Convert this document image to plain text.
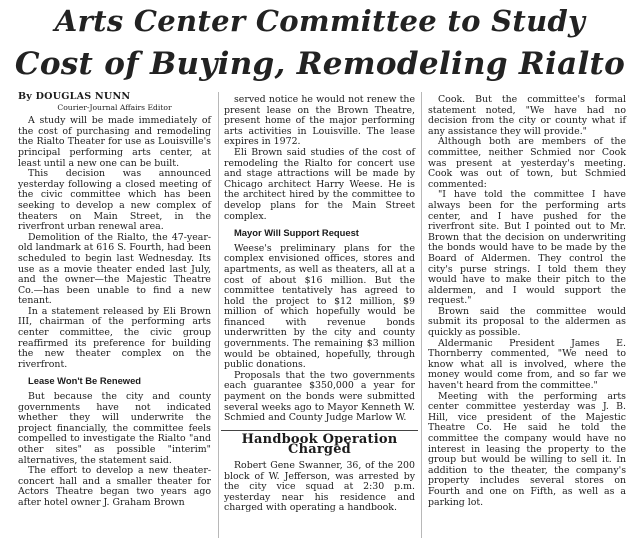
Arts Center Committee to Study
Cost of Buying, Remodeling Rialto

By DOUGLAS NUNN

Courier-Journal Affairs Editor

A study will be made immediately of the cost of purchasing and remodeling the Rialto Theater for use as Louisville's principal performing arts center, at least until a new one can be built.

This decision was announced yesterday following a closed meeting of the civic committee which has been seeking to develop a new complex of theaters on Main Street, in the riverfront urban renewal area.

Demolition of the Rialto, the 47-year-old landmark at 616 S. Fourth, had been scheduled to begin last Wednesday. Its use as a movie theater ended last July, and the owner—the Majestic Theatre Co.—has been unable to find a new tenant.

In a statement released by Eli Brown III, chairman of the performing arts center committee, the civic group reaffirmed its preference for building the new theater complex on the riverfront.

Lease Won't Be Renewed

But because the city and county governments have not indicated whether they will underwrite the project financially, the committee feels compelled to investigate the Rialto "and other sites" as possible "interim" alternatives, the statement said.

The effort to develop a new theater-concert hall and a smaller theater for Actors Theatre began two years ago after hotel owner J. Graham Brown

served notice he would not renew the present lease on the Brown Theatre, present home of the major performing arts activities in Louisville. The lease expires in 1972.

Eli Brown said studies of the cost of remodeling the Rialto for concert use and stage attractions will be made by Chicago architect Harry Weese. He is the architect hired by the committee to develop plans for the Main Street complex.

Mayor Will Support Request

Weese's preliminary plans for the complex envisioned offices, stores and apartments, as well as theaters, all at a cost of about $16 million. But the committee tentatively has agreed to hold the project to $12 million, $9 million of which hopefully would be financed with revenue bonds underwritten by the city and county governments. The remaining $3 million would be obtained, hopefully, through public donations.

Proposals that the two governments each guarantee $350,000 a year for payment on the bonds were submitted several weeks ago to Mayor Kenneth W. Schmied and County Judge Marlow W.

Handbook Operation Charged

Robert Gene Swanner, 36, of the 200 block of W. Jefferson, was arrested by the city vice squad at 2:30 p.m. yesterday near his residence and charged with operating a handbook.

Cook. But the committee's formal statement noted, "We have had no decision from the city or county what if any assistance they will provide."

Although both are members of the committee, neither Schmied nor Cook was present at yesterday's meeting. Cook was out of town, but Schmied commented:

"I have told the committee I have always been for the performing arts center, and I have pushed for the riverfront site. But I pointed out to Mr. Brown that the decision on underwriting the bonds would have to be made by the Board of Aldermen. They control the city's purse strings. I told them they would have to make their pitch to the aldermen, and I would support the request."

Brown said the committee would submit its proposal to the aldermen as quickly as possible.

Aldermanic President James E. Thornberry commented, "We need to know what all is involved, where the money would come from, and so far we haven't heard from the committee."

Meeting with the performing arts center committee yesterday was J. B. Hill, vice president of the Majestic Theatre Co. He said he told the committee the company would have no interest in leasing the property to the group but would be willing to sell it. In addition to the theater, the company's property includes several stores on Fourth and one on Fifth, as well as a parking lot.
